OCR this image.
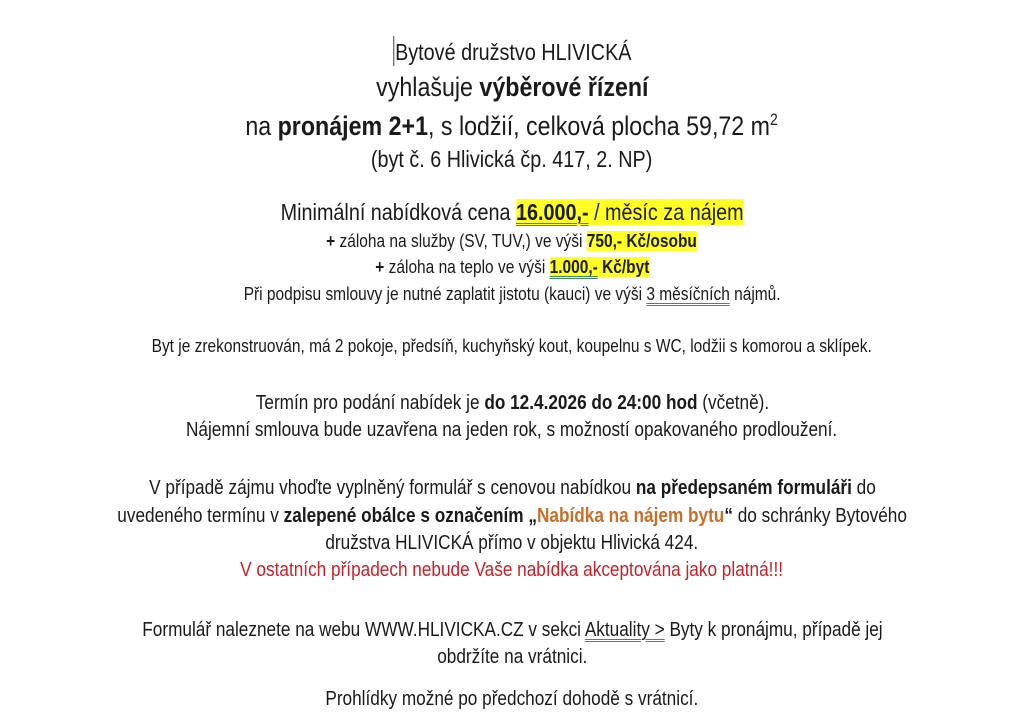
Bytové družstvo HLIVICKÁ
vyhlašuje výběrové řízení
na pronájem 2+1, s lodžií, celková plocha 59,72 $m^2$
(byt č. 6 Hlivická čp. 417, 2. NP)
Minimální nabídková cena 16.000,- / měsíc za nájem
+ záloha na služby (SV, TUV,) ve výši 750,- Kč/osobu
+ záloha na teplo ve výši 1.000,- Kč/byt
Při podpisu smlouvy je nutné zaplatit jistotu (kauci) ve výši 3 měsíčních nájmů.
Byt je zrekonstruován, má 2 pokoje, předsíň, kuchyňský kout, koupelnu s WC, lodžii s komorou a sklípek.
Termín pro podání nabídek je do 12.4.2026 do 24:00 hod (včetně).
Nájemní smlouva bude uzavřena na jeden rok, s možností opakovaného prodloužení.
V případě zájmu vhoďte vyplněný formulář s cenovou nabídkou na předepsaném formuláři do
uvedeného termínu v zalepené obálce s označením „Nabídka na nájem bytu“ do schránky Bytového
družstva HLIVICKÁ přímo v objektu Hlivická 424.
V ostatních případech nebude Vaše nabídka akceptována jako platná!!!
Formulář naleznete na webu WWW.HLIVICKA.CZ v sekci Aktuality > Byty k pronájmu, případě jej
obdržíte na vrátnici.
Prohlídky možné po předchozí dohodě s vrátnicí.
